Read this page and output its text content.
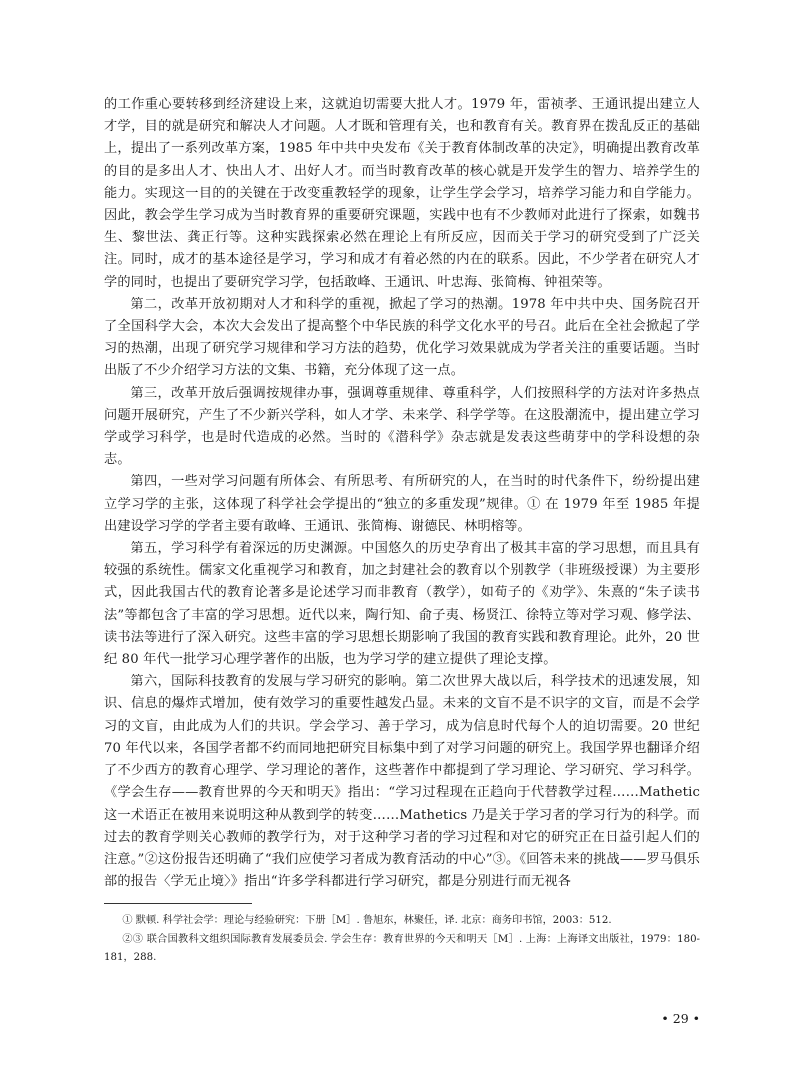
的工作重心要转移到经济建设上来，这就迫切需要大批人才。1979 年，雷祯孝、王通讯提出建立人才学，目的就是研究和解决人才问题。人才既和管理有关，也和教育有关。教育界在拨乱反正的基础上，提出了一系列改革方案，1985 年中共中央发布《关于教育体制改革的决定》，明确提出教育改革的目的是多出人才、快出人才、出好人才。而当时教育改革的核心就是开发学生的智力、培养学生的能力。实现这一目的的关键在于改变重教轻学的现象，让学生学会学习，培养学习能力和自学能力。因此，教会学生学习成为当时教育界的重要研究课题，实践中也有不少教师对此进行了探索，如魏书生、黎世法、龚正行等。这种实践探索必然在理论上有所反应，因而关于学习的研究受到了广泛关注。同时，成才的基本途径是学习，学习和成才有着必然的内在的联系。因此，不少学者在研究人才学的同时，也提出了要研究学习学，包括敢峰、王通讯、叶忠海、张简梅、钟祖荣等。

第二，改革开放初期对人才和科学的重视，掀起了学习的热潮。1978 年中共中央、国务院召开了全国科学大会，本次大会发出了提高整个中华民族的科学文化水平的号召。此后在全社会掀起了学习的热潮，出现了研究学习规律和学习方法的趋势，优化学习效果就成为学者关注的重要话题。当时出版了不少介绍学习方法的文集、书籍，充分体现了这一点。

第三，改革开放后强调按规律办事，强调尊重规律、尊重科学，人们按照科学的方法对许多热点问题开展研究，产生了不少新兴学科，如人才学、未来学、科学学等。在这股潮流中，提出建立学习学或学习科学，也是时代造成的必然。当时的《潜科学》杂志就是发表这些萌芽中的学科设想的杂志。

第四，一些对学习问题有所体会、有所思考、有所研究的人，在当时的时代条件下，纷纷提出建立学习学的主张，这体现了科学社会学提出的“独立的多重发现”规律。① 在 1979 年至 1985 年提出建设学习学的学者主要有敢峰、王通讯、张简梅、谢德民、林明榕等。

第五，学习科学有着深远的历史渊源。中国悠久的历史孕育出了极其丰富的学习思想，而且具有较强的系统性。儒家文化重视学习和教育，加之封建社会的教育以个别教学（非班级授课）为主要形式，因此我国古代的教育论著多是论述学习而非教育（教学），如荀子的《劝学》、朱熹的“朱子读书法”等都包含了丰富的学习思想。近代以来，陶行知、俞子夷、杨贤江、徐特立等对学习观、修学法、读书法等进行了深入研究。这些丰富的学习思想长期影响了我国的教育实践和教育理论。此外，20 世纪 80 年代一批学习心理学著作的出版，也为学习学的建立提供了理论支撑。

第六，国际科技教育的发展与学习研究的影响。第二次世界大战以后，科学技术的迅速发展，知识、信息的爆炸式增加，使有效学习的重要性越发凸显。未来的文盲不是不识字的文盲，而是不会学习的文盲，由此成为人们的共识。学会学习、善于学习，成为信息时代每个人的迫切需要。20 世纪 70 年代以来，各国学者都不约而同地把研究目标集中到了对学习问题的研究上。我国学界也翻译介绍了不少西方的教育心理学、学习理论的著作，这些著作中都提到了学习理论、学习研究、学习科学。《学会生存——教育世界的今天和明天》指出：“学习过程现在正趋向于代替教学过程……Mathetic 这一术语正在被用来说明这种从教到学的转变……Mathetics 乃是关于学习者的学习行为的科学。而过去的教育学则关心教师的教学行为，对于这种学习者的学习过程和对它的研究正在日益引起人们的注意。”②这份报告还明确了“我们应使学习者成为教育活动的中心”③。《回答未来的挑战——罗马俱乐部的报告〈学无止境〉》指出“许多学科都进行学习研究，都是分别进行而无视各

① 默顿. 科学社会学：理论与经验研究：下册［M］. 鲁旭东，林聚任，译. 北京：商务印书馆，2003：512.

②③ 联合国教科文组织国际教育发展委员会. 学会生存：教育世界的今天和明天［M］. 上海：上海译文出版社，1979：180-181，288.

• 29 •
